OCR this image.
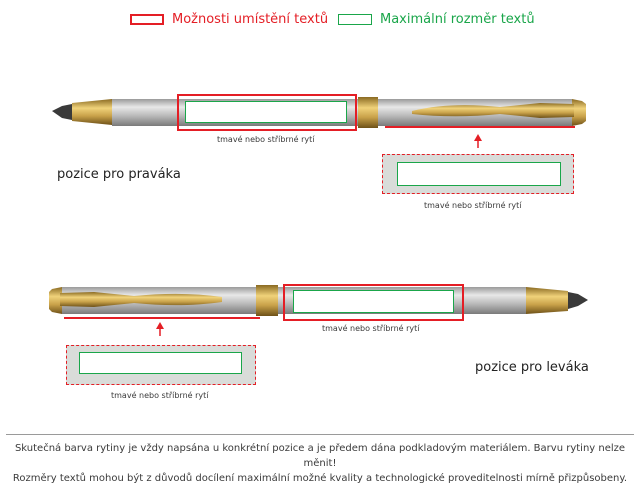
Možnosti umístění textů	Maximální rozměr textů
tmavé nebo stříbrné rytí
tmavé nebo stříbrné rytí
pozice pro praváka
tmavé nebo stříbrné rytí
tmavé nebo stříbrné rytí
pozice pro leváka
Skutečná barva rytiny je vždy napsána u konkrétní pozice a je předem dána podkladovým materiálem. Barvu rytiny nelze měnit!
Rozměry textů mohou být z důvodů docílení maximální možné kvality a technologické proveditelnosti mírně přizpůsobeny.
